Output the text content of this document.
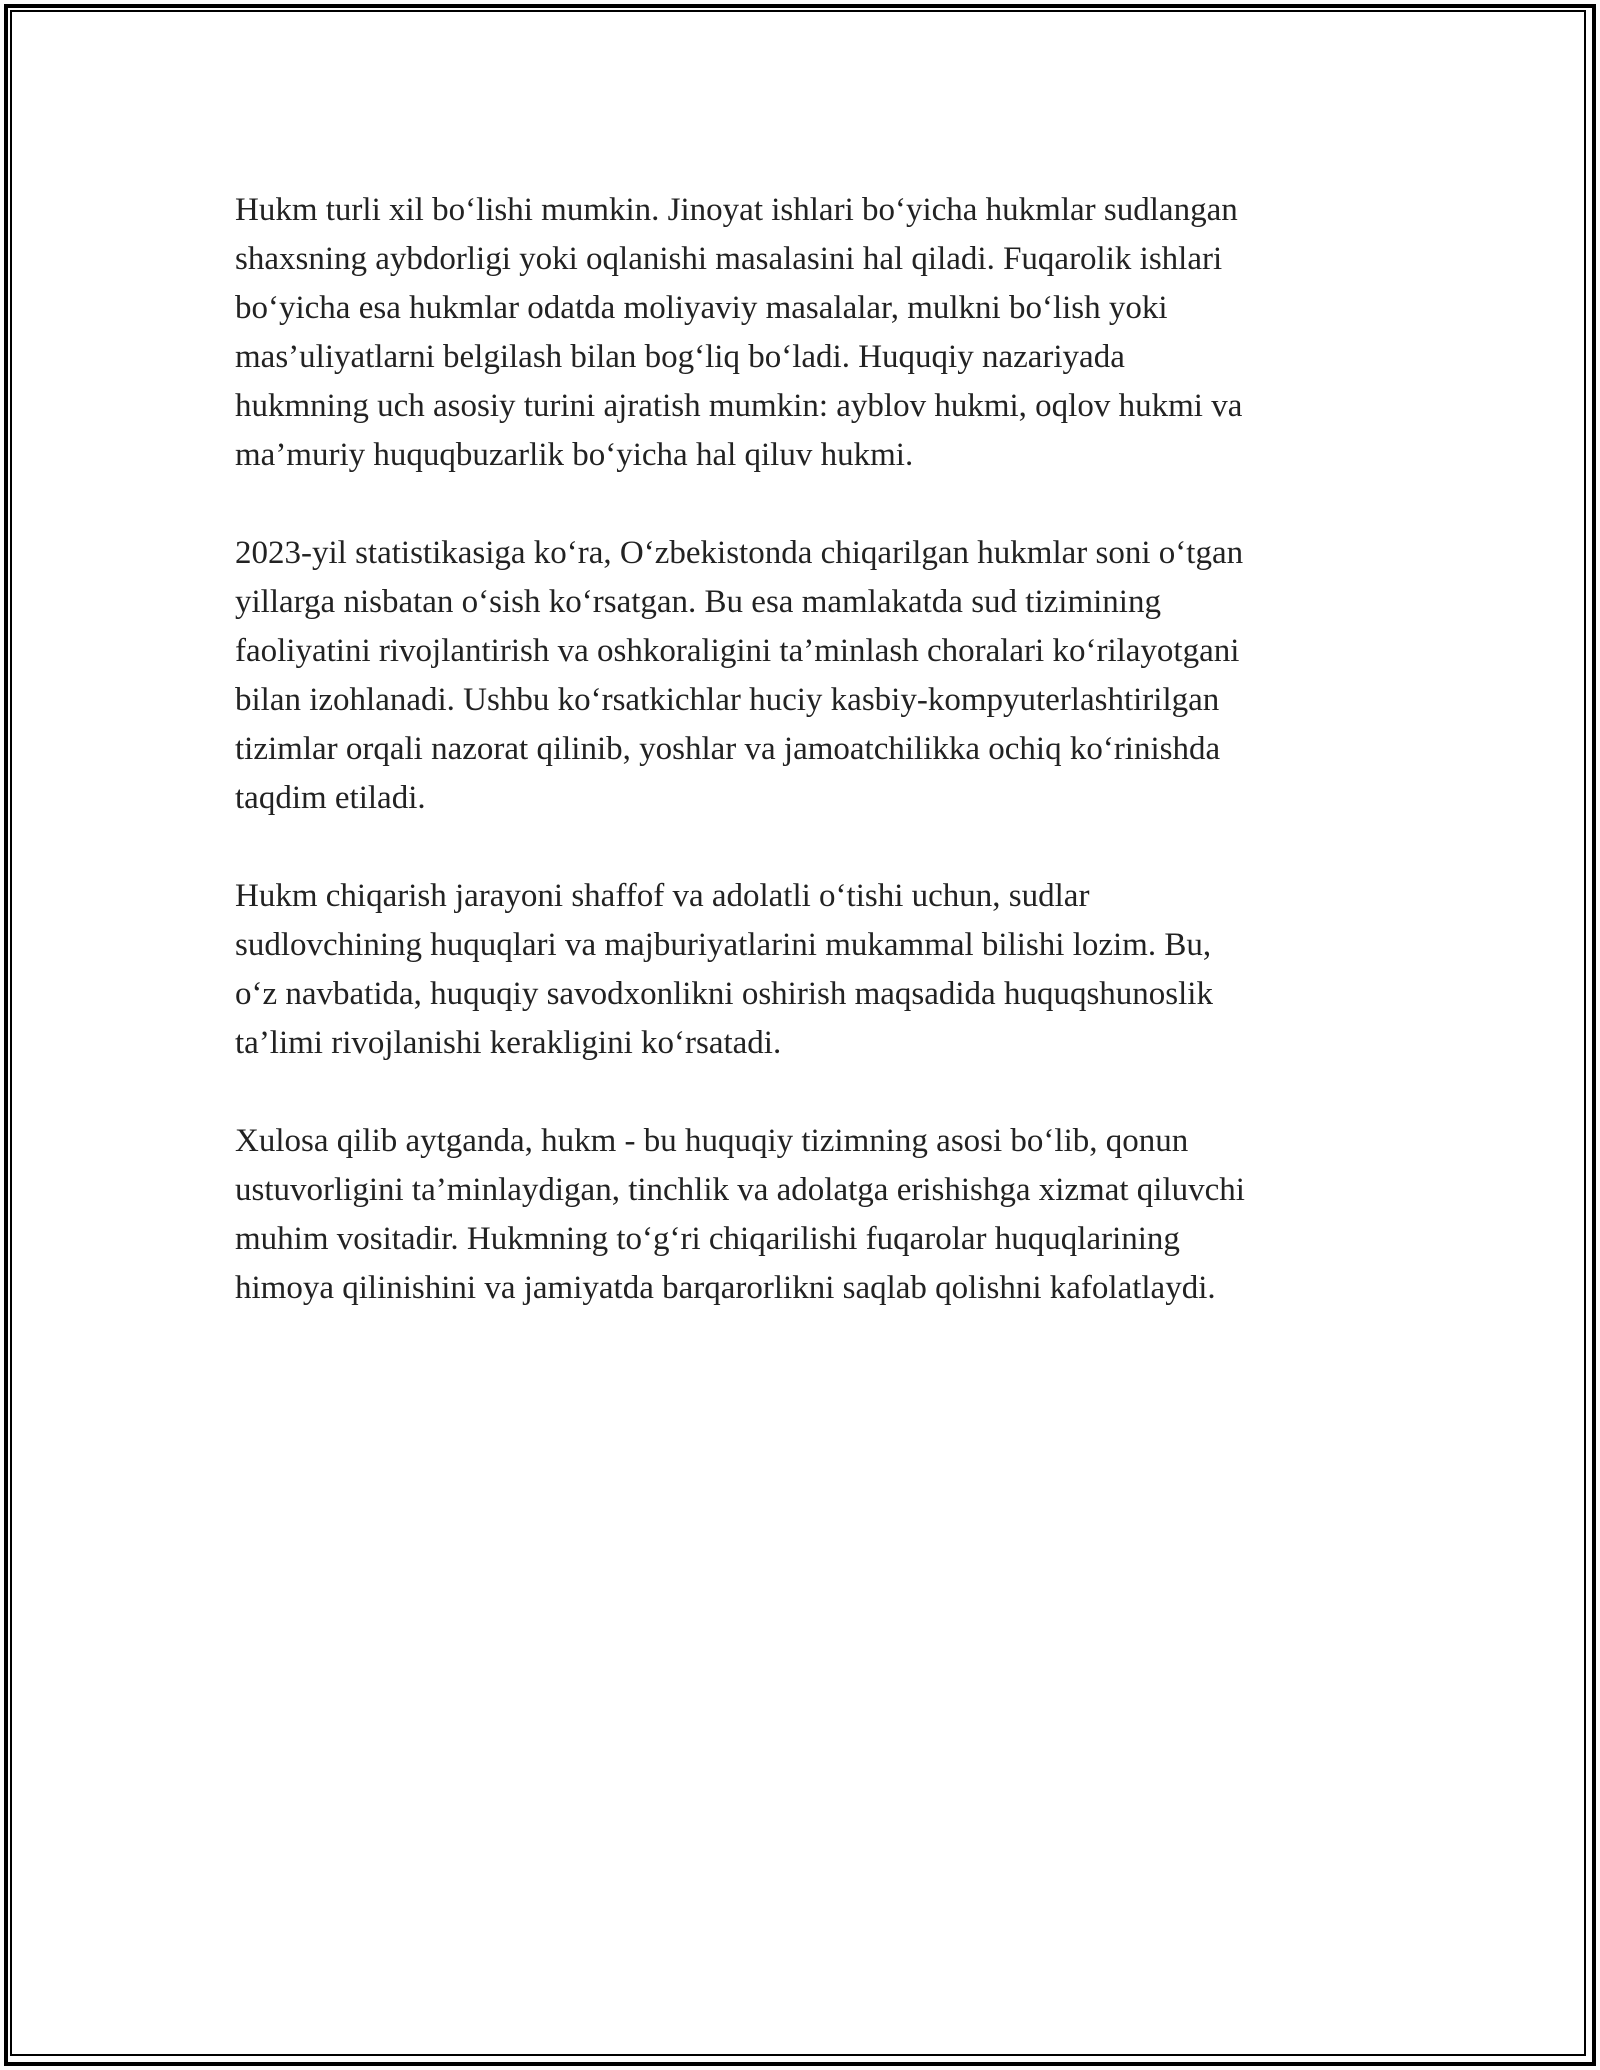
Hukm turli xil bo‘lishi mumkin. Jinoyat ishlari bo‘yicha hukmlar sudlangan
shaxsning aybdorligi yoki oqlanishi masalasini hal qiladi. Fuqarolik ishlari
bo‘yicha esa hukmlar odatda moliyaviy masalalar, mulkni bo‘lish yoki
mas’uliyatlarni belgilash bilan bog‘liq bo‘ladi. Huquqiy nazariyada
hukmning uch asosiy turini ajratish mumkin: ayblov hukmi, oqlov hukmi va
ma’muriy huquqbuzarlik bo‘yicha hal qiluv hukmi.

2023-yil statistikasiga ko‘ra, O‘zbekistonda chiqarilgan hukmlar soni o‘tgan
yillarga nisbatan o‘sish ko‘rsatgan. Bu esa mamlakatda sud tizimining
faoliyatini rivojlantirish va oshkoraligini ta’minlash choralari ko‘rilayotgani
bilan izohlanadi. Ushbu ko‘rsatkichlar huciy kasbiy-kompyuterlashtirilgan
tizimlar orqali nazorat qilinib, yoshlar va jamoatchilikka ochiq ko‘rinishda
taqdim etiladi.

Hukm chiqarish jarayoni shaffof va adolatli o‘tishi uchun, sudlar
sudlovchining huquqlari va majburiyatlarini mukammal bilishi lozim. Bu,
o‘z navbatida, huquqiy savodxonlikni oshirish maqsadida huquqshunoslik
ta’limi rivojlanishi kerakligini ko‘rsatadi.

Xulosa qilib aytganda, hukm - bu huquqiy tizimning asosi bo‘lib, qonun
ustuvorligini ta’minlaydigan, tinchlik va adolatga erishishga xizmat qiluvchi
muhim vositadir. Hukmning to‘g‘ri chiqarilishi fuqarolar huquqlarining
himoya qilinishini va jamiyatda barqarorlikni saqlab qolishni kafolatlaydi.
